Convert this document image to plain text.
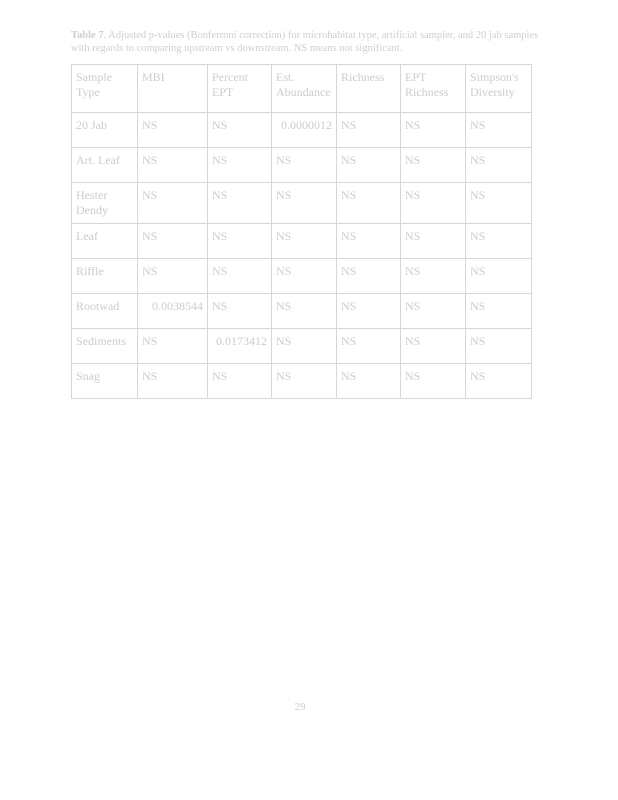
Table 7. Adjusted p-values (Bonferroni correction) for microhabitat type, artificial sampler, and 20 jab samples with regards to comparing upstream vs downstream. NS means not significant.
Sample Type	MBI	Percent EPT	Est. Abundance	Richness	EPT Richness	Simpson's Diversity
20 Jab	NS	NS	0.0000012	NS	NS	NS
Art. Leaf	NS	NS	NS	NS	NS	NS
Hester Dendy	NS	NS	NS	NS	NS	NS
Leaf	NS	NS	NS	NS	NS	NS
Riffle	NS	NS	NS	NS	NS	NS
Rootwad	0.0038544	NS	NS	NS	NS	NS
Sediments	NS	0.0173412	NS	NS	NS	NS
Snag	NS	NS	NS	NS	NS	NS
29
